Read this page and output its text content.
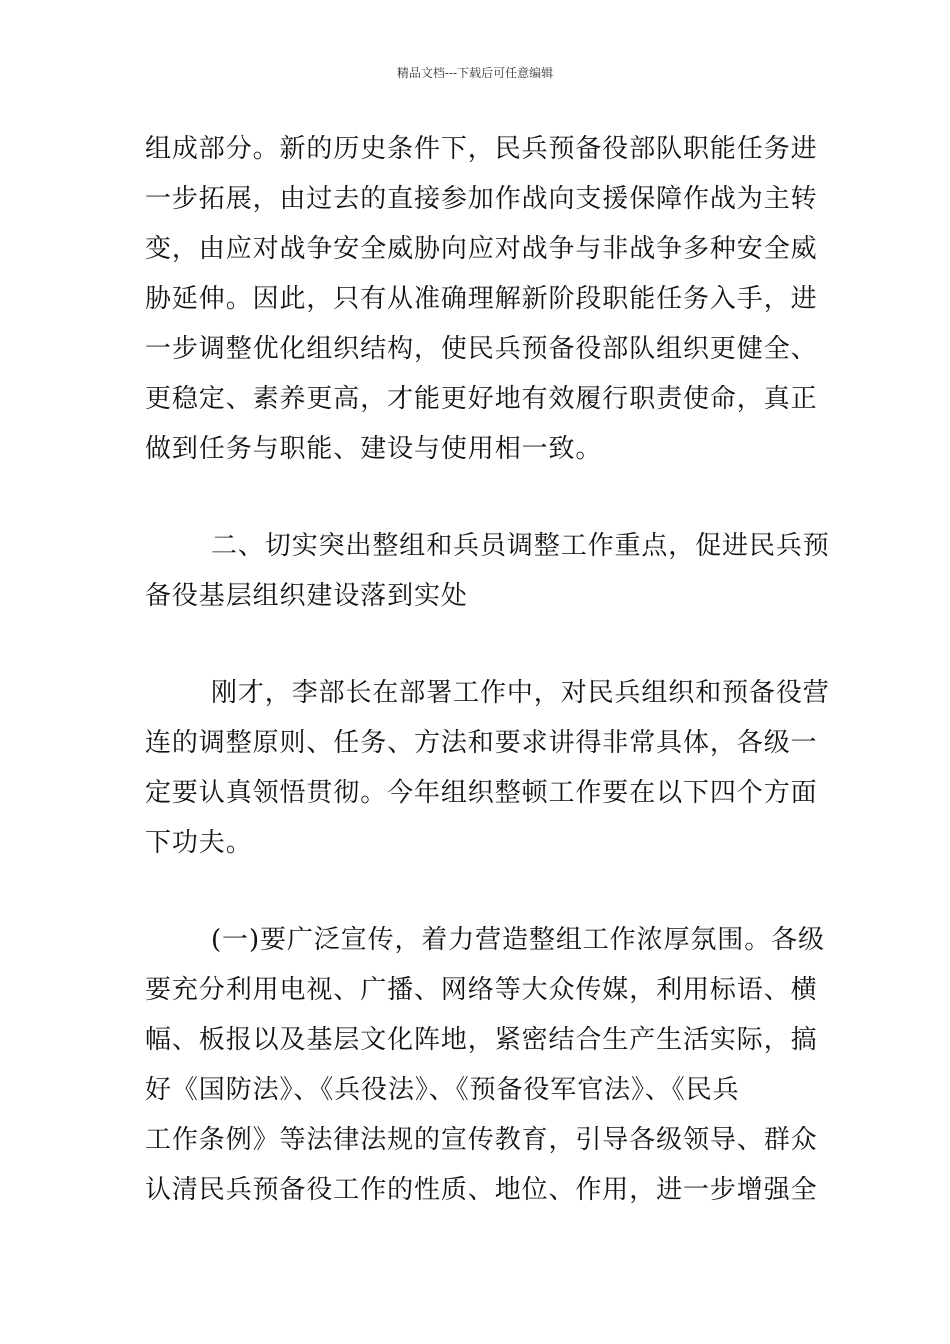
精品文档---下载后可任意编辑
组成部分。新的历史条件下，民兵预备役部队职能任务进
一步拓展，由过去的直接参加作战向支援保障作战为主转
变，由应对战争安全威胁向应对战争与非战争多种安全威
胁延伸。因此，只有从准确理解新阶段职能任务入手，进
一步调整优化组织结构，使民兵预备役部队组织更健全、
更稳定、素养更高，才能更好地有效履行职责使命，真正
做到任务与职能、建设与使用相一致。
二、切实突出整组和兵员调整工作重点，促进民兵预
备役基层组织建设落到实处
刚才，李部长在部署工作中，对民兵组织和预备役营
连的调整原则、任务、方法和要求讲得非常具体，各级一
定要认真领悟贯彻。今年组织整顿工作要在以下四个方面
下功夫。
(一)要广泛宣传，着力营造整组工作浓厚氛围。各级
要充分利用电视、广播、网络等大众传媒，利用标语、横
幅、板报以及基层文化阵地，紧密结合生产生活实际，搞
好《国防法》、《兵役法》、《预备役军官法》、《民兵
工作条例》等法律法规的宣传教育，引导各级领导、群众
认清民兵预备役工作的性质、地位、作用，进一步增强全
